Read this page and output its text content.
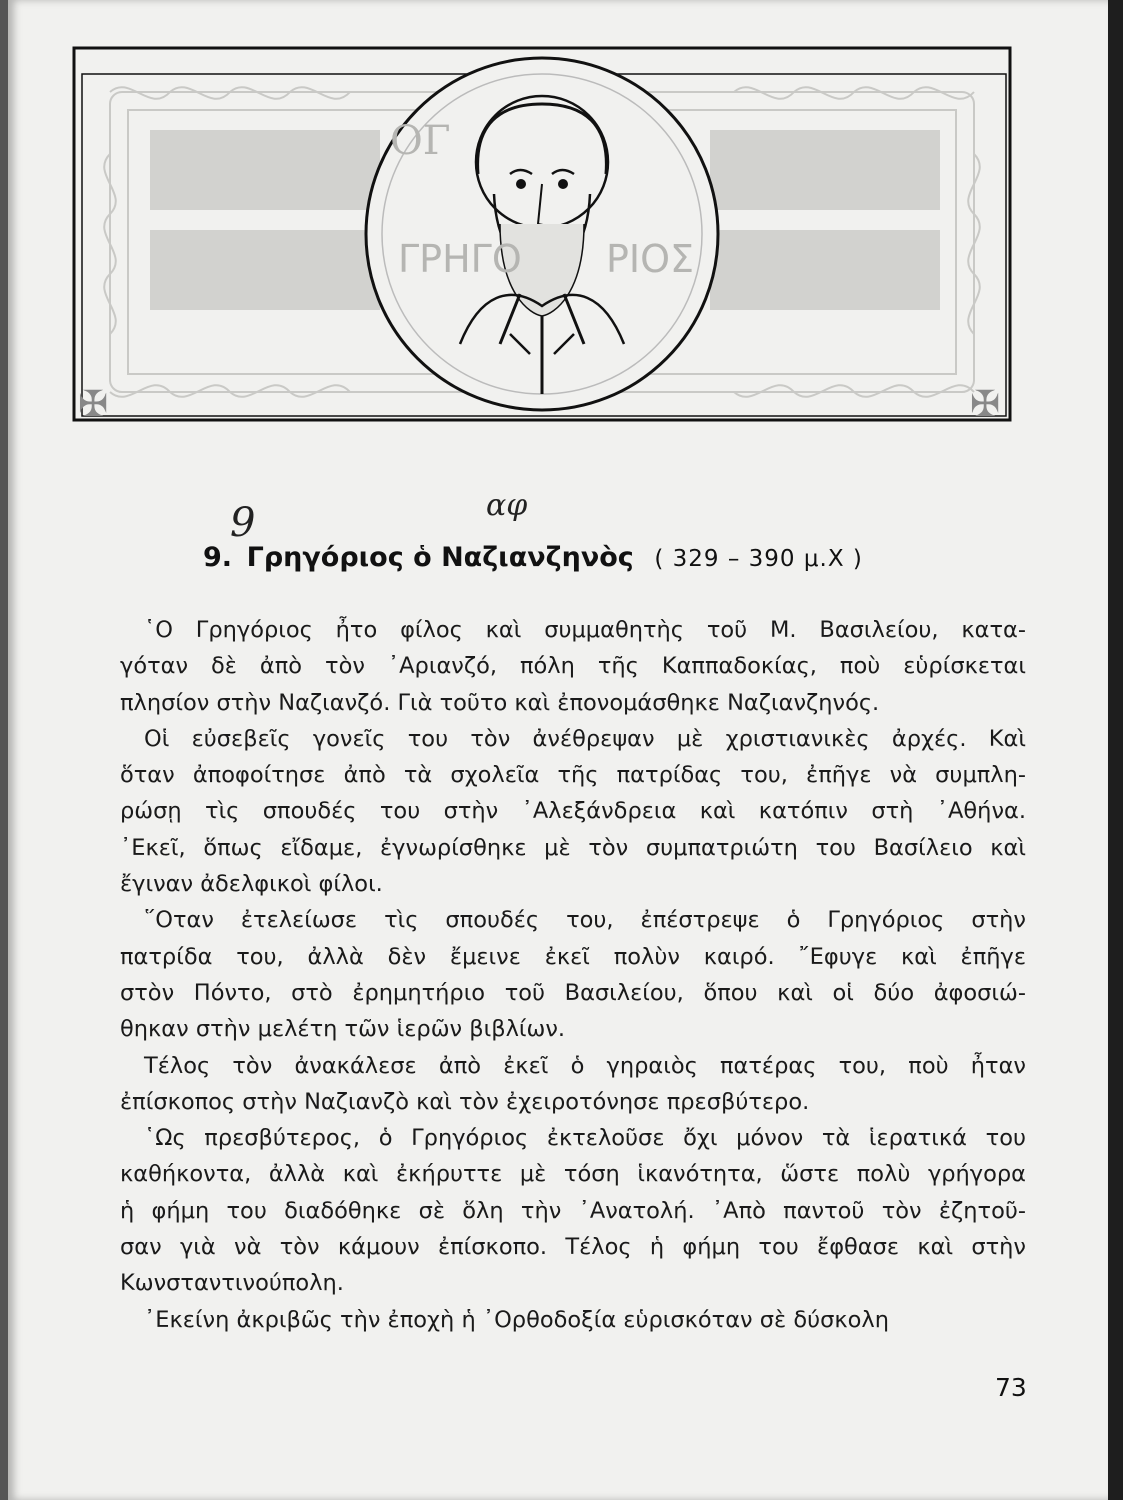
✠	✠
ΟΓ
ΓΡΗΓΟ ΡΙΟΣ
9	αφ
9. Γρηγόριος ὁ Ναζιανζηνὸς ( 329 – 390 μ.Χ )
῾Ο Γρηγόριος ἦτο φίλος καὶ συμμαθητὴς τοῦ Μ. Βασιλείου, κατα-
γόταν δὲ ἀπὸ τὸν ᾿Αριανζό, πόλη τῆς Καππαδοκίας, ποὺ εὑρίσκεται
πλησίον στὴν Ναζιανζό. Γιὰ τοῦτο καὶ ἐπονομάσθηκε Ναζιανζηνός.
Οἱ εὐσεβεῖς γονεῖς του τὸν ἀνέθρεψαν μὲ χριστιανικὲς ἀρχές. Καὶ
ὅταν ἀποφοίτησε ἀπὸ τὰ σχολεῖα τῆς πατρίδας του, ἐπῆγε νὰ συμπλη-
ρώσῃ τὶς σπουδές του στὴν ᾿Αλεξάνδρεια καὶ κατόπιν στὴ ᾿Αθήνα.
᾿Εκεῖ, ὅπως εἴδαμε, ἐγνωρίσθηκε μὲ τὸν συμπατριώτη του Βασίλειο καὶ
ἔγιναν ἀδελφικοὶ φίλοι.
῞Οταν ἐτελείωσε τὶς σπουδές του, ἐπέστρεψε ὁ Γρηγόριος στὴν
πατρίδα του, ἀλλὰ δὲν ἔμεινε ἐκεῖ πολὺν καιρό. ῎Εφυγε καὶ ἐπῆγε
στὸν Πόντο, στὸ ἐρημητήριο τοῦ Βασιλείου, ὅπου καὶ οἱ δύο ἀφοσιώ-
θηκαν στὴν μελέτη τῶν ἱερῶν βιβλίων.
Τέλος τὸν ἀνακάλεσε ἀπὸ ἐκεῖ ὁ γηραιὸς πατέρας του, ποὺ ἦταν
ἐπίσκοπος στὴν Ναζιανζὸ καὶ τὸν ἐχειροτόνησε πρεσβύτερο.
῾Ως πρεσβύτερος, ὁ Γρηγόριος ἐκτελοῦσε ὄχι μόνον τὰ ἱερατικά του
καθήκοντα, ἀλλὰ καὶ ἐκήρυττε μὲ τόση ἱκανότητα, ὥστε πολὺ γρήγορα
ἡ φήμη του διαδόθηκε σὲ ὅλη τὴν ᾿Ανατολή. ᾿Απὸ παντοῦ τὸν ἐζητοῦ-
σαν γιὰ νὰ τὸν κάμουν ἐπίσκοπο. Τέλος ἡ φήμη του ἔφθασε καὶ στὴν
Κωνσταντινούπολη.
᾿Εκείνη ἀκριβῶς τὴν ἐποχὴ ἡ ᾿Ορθοδοξία εὑρισκόταν σὲ δύσκολη
73
